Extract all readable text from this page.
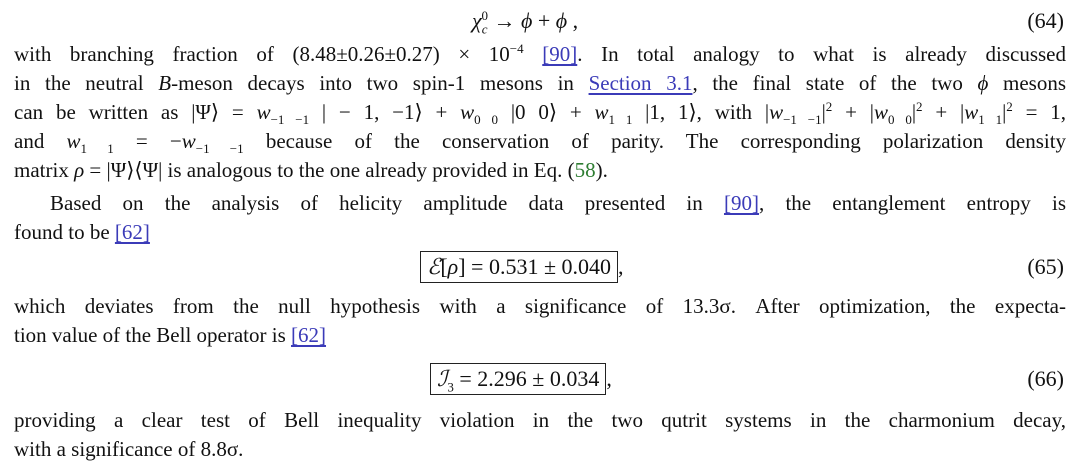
$\chi_c^0 \to \phi + \phi$ ,	(64)
with branching fraction of $(8.48\pm 0.26\pm 0.27) \times 10^{-4}$ [90]. In total analogy to what is already discussed
in the neutral B-meson decays into two spin-1 mesons in Section 3.1, the final state of the two ϕ mesons
can be written as |Ψ⟩ = $w_{-1 -1}$ | − 1, −1⟩ + $w_{0 0}$ |0 0⟩ + $w_{1 1}$ |1, 1⟩, with $|w_{-1 -1}|^2 + |w_{0 0}|^2 + |w_{1 1}|^2 = 1$,
and $w_{1 1} = -w_{-1 -1}$ because of the conservation of parity. The corresponding polarization density
matrix ρ = |Ψ⟩⟨Ψ| is analogous to the one already provided in Eq. (58).
Based on the analysis of helicity amplitude data presented in [90], the entanglement entropy is
found to be [62]
ℰ[ρ] = 0.531 ± 0.040 ,	(65)
which deviates from the null hypothesis with a significance of 13.3σ. After optimization, the expecta-
tion value of the Bell operator is [62]
ℐ$_3$ = 2.296 ± 0.034 ,	(66)
providing a clear test of Bell inequality violation in the two qutrit systems in the charmonium decay,
with a significance of 8.8σ.
